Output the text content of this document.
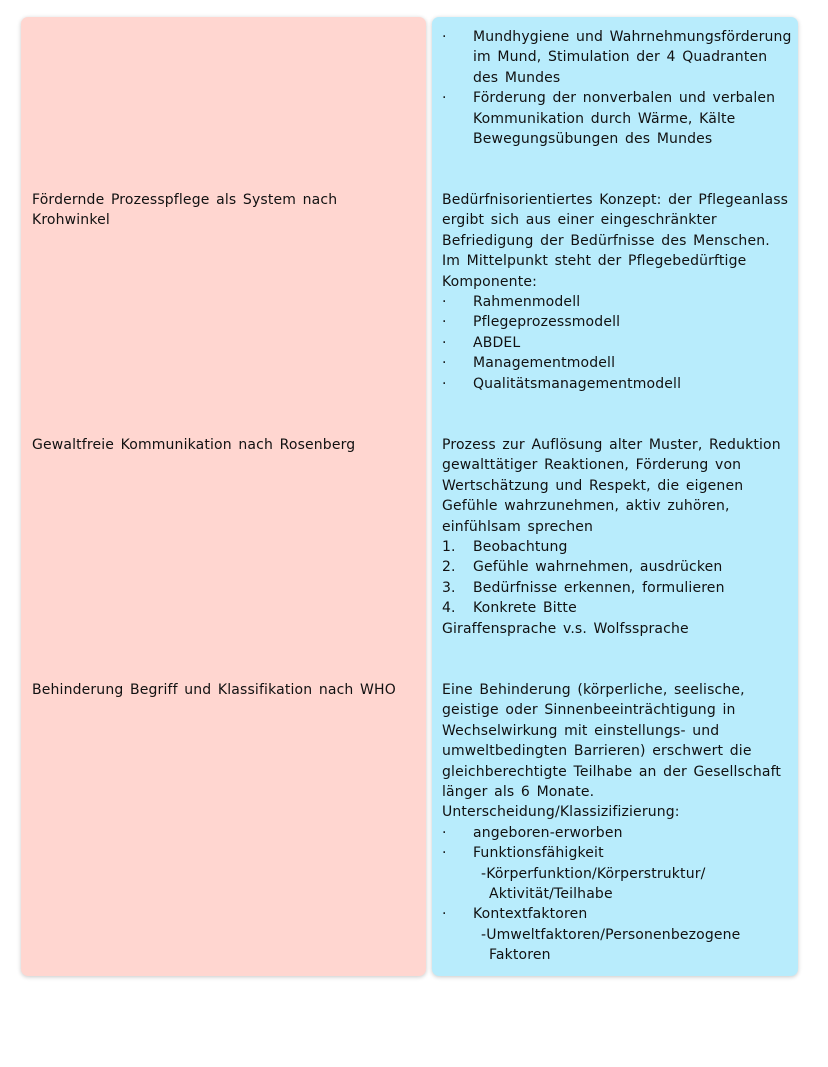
· Mundhygiene und Wahrnehmungsförderung im Mund, Stimulation der 4 Quadranten des Mundes
· Förderung der nonverbalen und verbalen Kommunikation durch Wärme, Kälte Bewegungsübungen des Mundes
Fördernde Prozesspflege als System nach Krohwinkel

Bedürfnisorientiertes Konzept: der Pflegeanlass ergibt sich aus einer eingeschränkter Befriedigung der Bedürfnisse des Menschen. Im Mittelpunkt steht der Pflegebedürftige

Komponente:

· Rahmenmodell
· Pflegeprozessmodell
· ABDEL
· Managementmodell
· Qualitätsmanagementmodell
Gewaltfreie Kommunikation nach Rosenberg	Prozess zur Auflösung alter Muster, Reduktion gewalttätiger Reaktionen, Förderung von Wertschätzung und Respekt, die eigenen Gefühle wahrzunehmen, aktiv zuhören, einfühlsam sprechen

1. Beobachtung
2. Gefühle wahrnehmen, ausdrücken
3. Bedürfnisse erkennen, formulieren
4. Konkrete Bitte

Giraffensprache v.s. Wolfssprache

Behinderung Begriff und Klassifikation nach WHO	Eine Behinderung (körperliche, seelische, geistige oder Sinnenbeeinträchtigung in Wechselwirkung mit einstellungs- und umweltbedingten Barrieren) erschwert die gleichberechtigte Teilhabe an der Gesellschaft länger als 6 Monate.

Unterscheidung/Klassizifizierung:

· angeboren-erworben
· Funktionsfähigkeit
-Körperfunktion/Körperstruktur/ Aktivität/Teilhabe
· Kontextfaktoren
-Umweltfaktoren/Personenbezogene Faktoren
